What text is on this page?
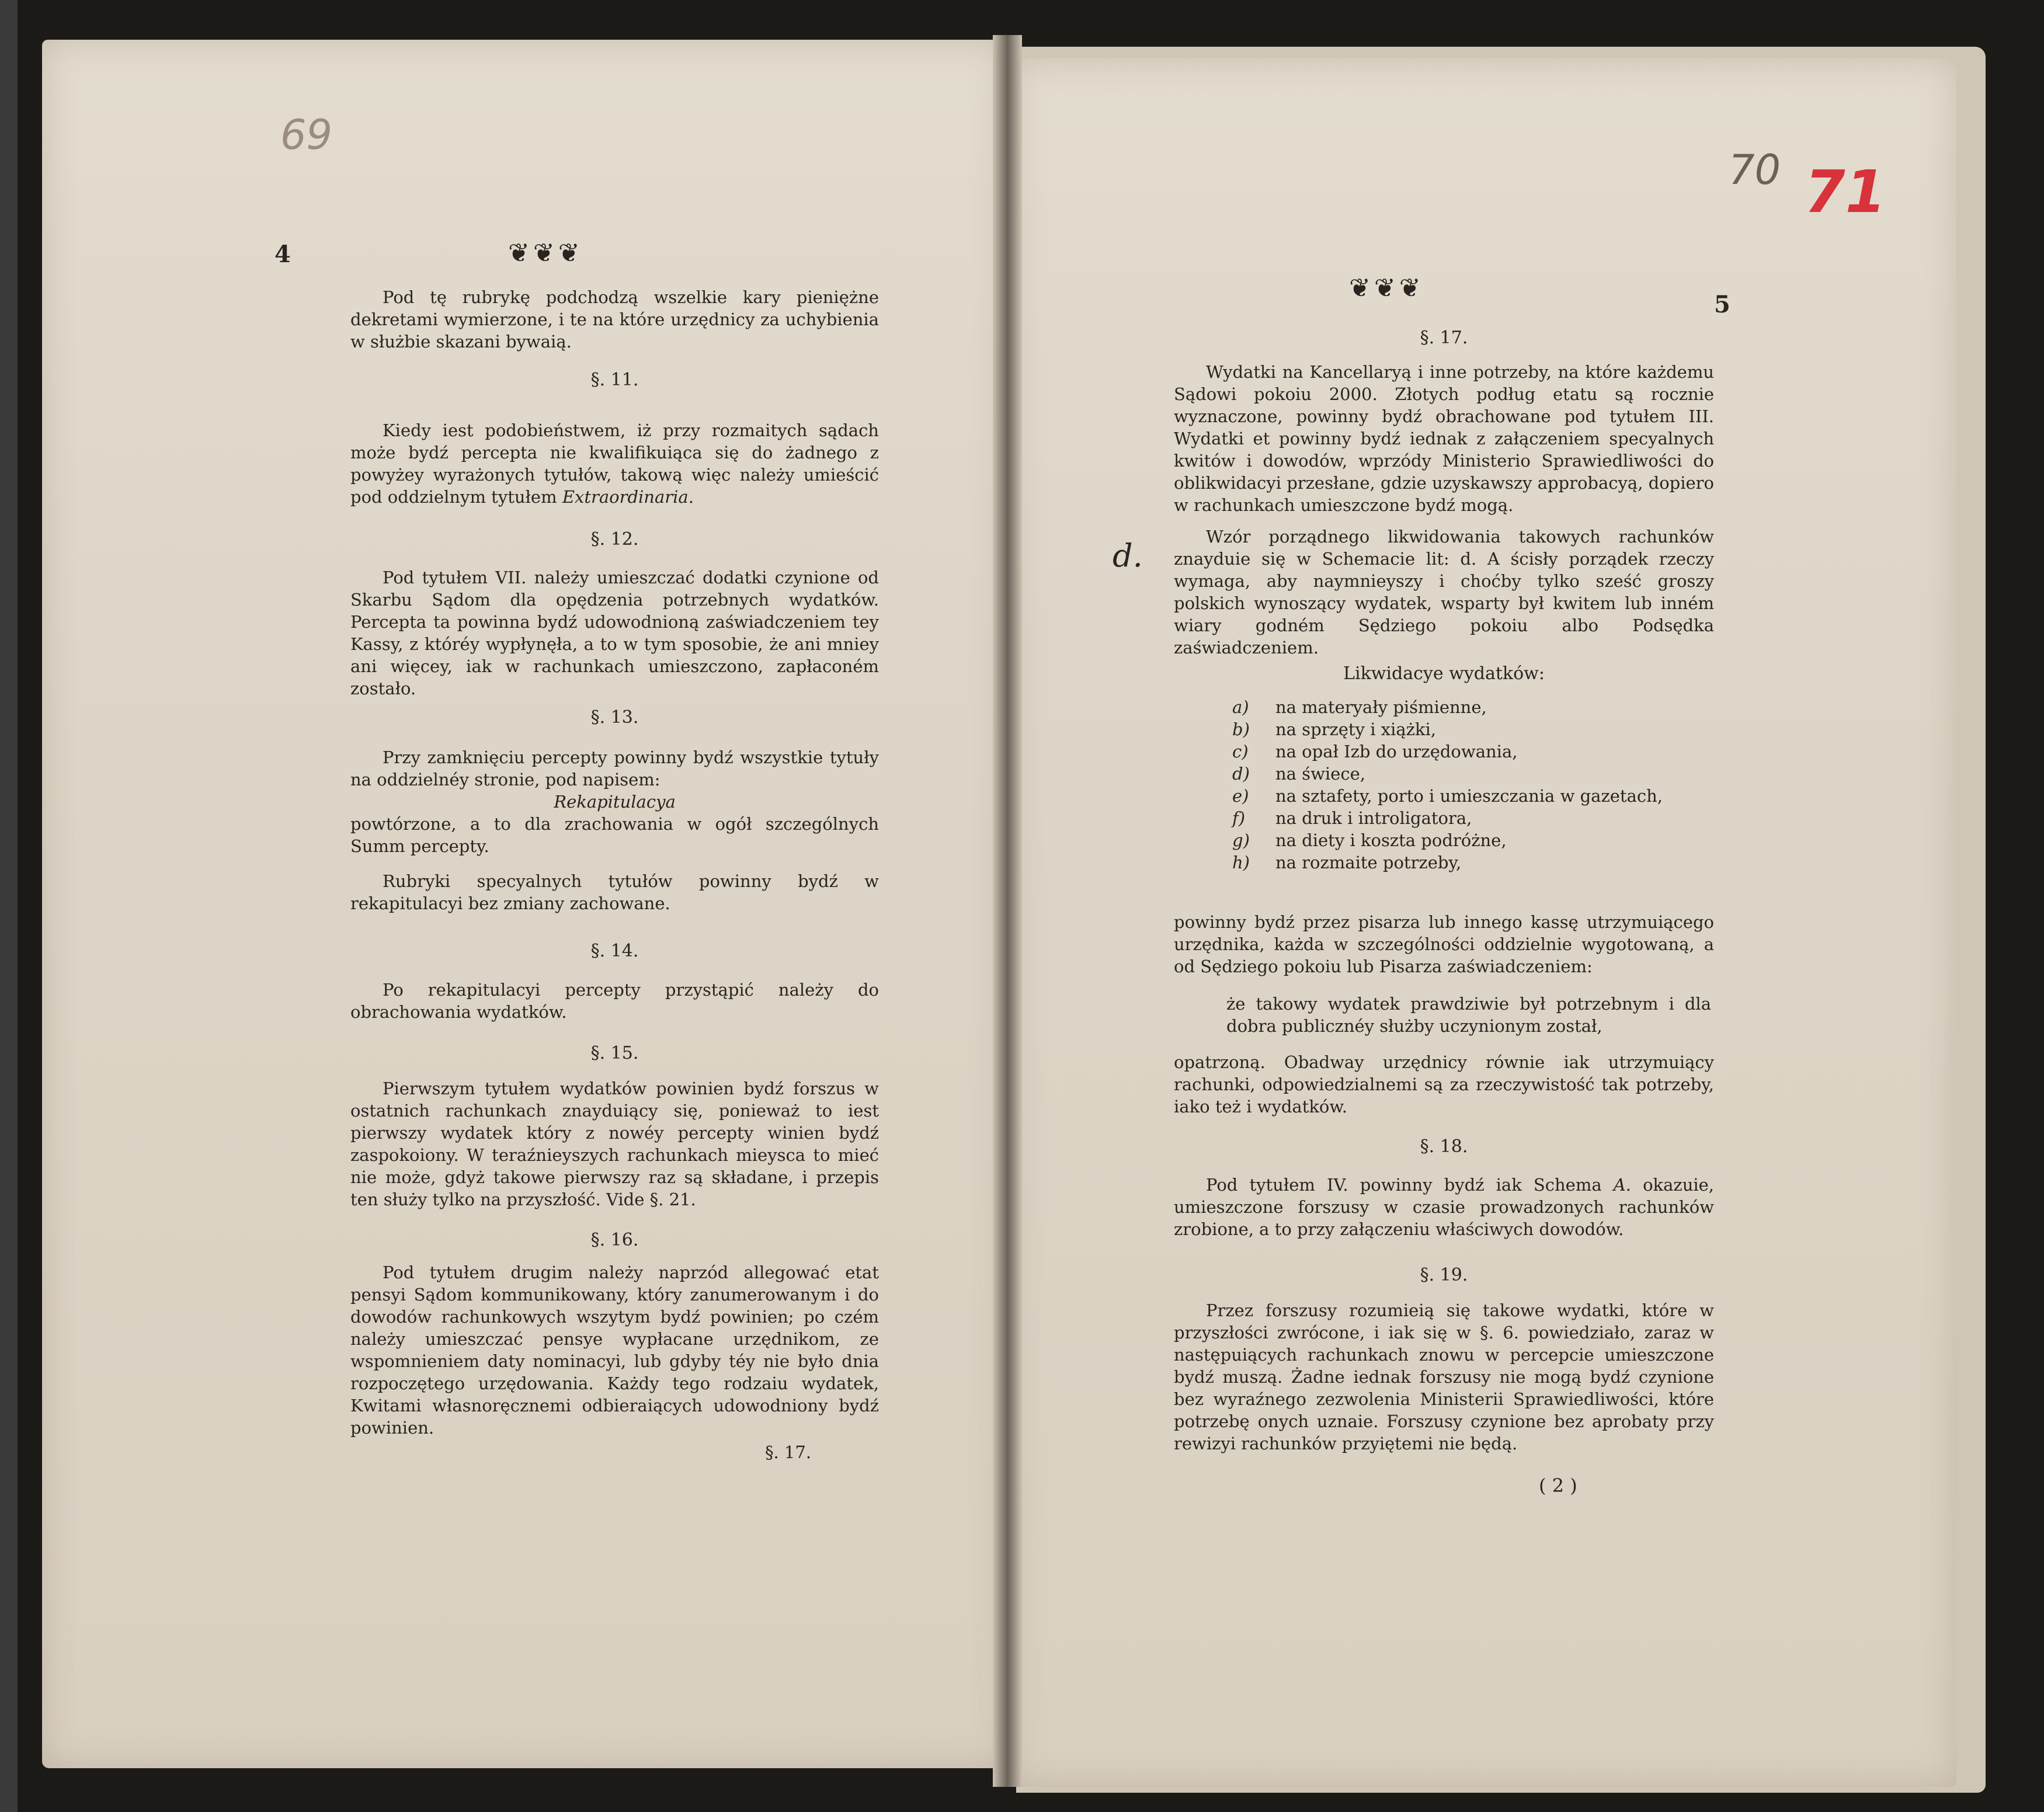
69
70 71
4	❦❦❦

Pod tę rubrykę podchodzą wszelkie kary pieniężne dekretami wymierzone, i te na które urzędnicy za uchybienia w służbie skazani bywaią.

§. 11.

Kiedy iest podobieństwem, iż przy rozmaitych sądach może bydź percepta nie kwalifikuiąca się do żadnego z powyżey wyrażonych tytułów, takową więc należy umieścić pod oddzielnym tytułem Extraordinaria.

§. 12.

Pod tytułem VII. należy umieszczać dodatki czynione od Skarbu Sądom dla opędzenia potrzebnych wydatków. Percepta ta powinna bydź udowodnioną zaświadczeniem tey Kassy, z któréy wypłynęła, a to w tym sposobie, że ani mniey ani więcey, iak w rachunkach umieszczono, zapłaconém zostało.

§. 13.

Przy zamknięciu percepty powinny bydź wszystkie tytuły na oddzielnéy stronie, pod napisem:

Rekapitulacya

powtórzone, a to dla zrachowania w ogół szczególnych Summ percepty.

Rubryki specyalnych tytułów powinny bydź w rekapitulacyi bez zmiany zachowane.

§. 14.

Po rekapitulacyi percepty przystąpić należy do obrachowania wydatków.

§. 15.

Pierwszym tytułem wydatków powinien bydź forszus w ostatnich rachunkach znayduiący się, ponieważ to iest pierwszy wydatek który z nowéy percepty winien bydź zaspokoiony. W teraźnieyszych rachunkach mieysca to mieć nie może, gdyż takowe pierwszy raz są składane, i przepis ten służy tylko na przyszłość. Vide §. 21.

§. 16.

Pod tytułem drugim należy naprzód allegować etat pensyi Sądom kommunikowany, który zanumerowanym i do dowodów rachunkowych wszytym bydź powinien; po czém należy umieszczać pensye wypłacane urzędnikom, ze wspomnieniem daty nominacyi, lub gdyby téy nie było dnia rozpoczętego urzędowania. Każdy tego rodzaiu wydatek, Kwitami własnoręcznemi odbieraiących udowodniony bydź powinien.

§. 17.
❦❦❦
5
§. 17.

Wydatki na Kancellaryą i inne potrzeby, na które każdemu Sądowi pokoiu 2000. Złotych podług etatu są rocznie wyznaczone, powinny bydź obrachowane pod tytułem III. Wydatki et powinny bydź iednak z załączeniem specyalnych kwitów i dowodów, wprzódy Ministerio Sprawiedliwości do oblikwidacyi przesłane, gdzie uzyskawszy approbacyą, dopiero w rachunkach umieszczone bydź mogą.

d.

Wzór porządnego likwidowania takowych rachunków znayduie się w Schemacie lit: d. A ścisły porządek rzeczy wymaga, aby naymnieyszy i choćby tylko sześć groszy polskich wynoszący wydatek, wsparty był kwitem lub inném wiary godném Sędziego pokoiu albo Podsędka zaświadczeniem.

Likwidacye wydatków:
a)	na materyały piśmienne,
b)	na sprzęty i xiążki,
c)	na opał Izb do urzędowania,
d)	na świece,
e)	na sztafety, porto i umieszczania w gazetach,
f)	na druk i introligatora,
g)	na diety i koszta podróżne,
h)	na rozmaite potrzeby,

powinny bydź przez pisarza lub innego kassę utrzymuiącego urzędnika, każda w szczególności oddzielnie wygotowaną, a od Sędziego pokoiu lub Pisarza zaświadczeniem:

że takowy wydatek prawdziwie był potrzebnym i dla dobra publicznéy służby uczynionym został,

opatrzoną. Obadway urzędnicy równie iak utrzymuiący rachunki, odpowiedzialnemi są za rzeczywistość tak potrzeby, iako też i wydatków.

§. 18.

Pod tytułem IV. powinny bydź iak Schema A. okazuie, umieszczone forszusy w czasie prowadzonych rachunków zrobione, a to przy załączeniu właściwych dowodów.

§. 19.

Przez forszusy rozumieią się takowe wydatki, które w przyszłości zwrócone, i iak się w §. 6. powiedziało, zaraz w następuiących rachunkach znowu w percepcie umieszczone bydź muszą. Żadne iednak forszusy nie mogą bydź czynione bez wyraźnego zezwolenia Ministerii Sprawiedliwości, które potrzebę onych uznaie. Forszusy czynione bez aprobaty przy rewizyi rachunków przyiętemi nie będą.

( 2 )
